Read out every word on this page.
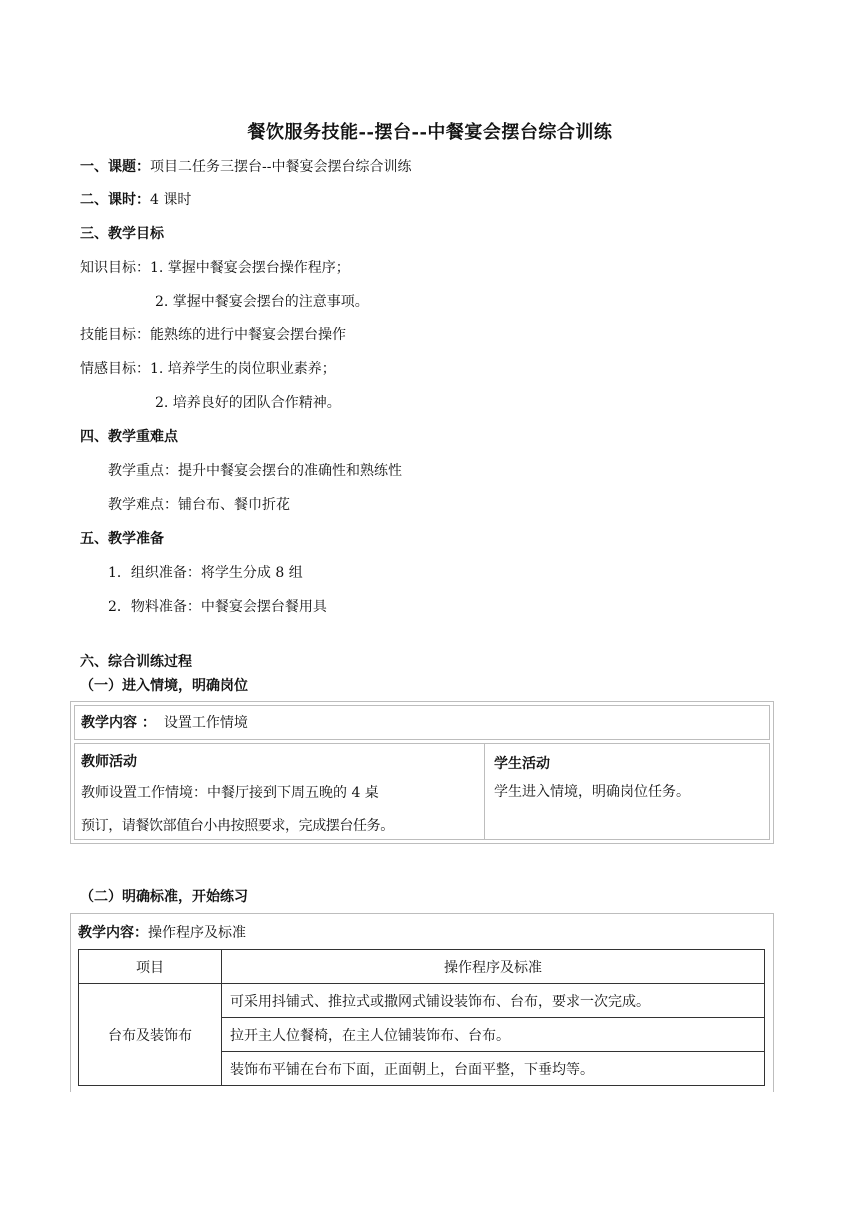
餐饮服务技能--摆台--中餐宴会摆台综合训练
一、课题：项目二任务三摆台--中餐宴会摆台综合训练
二、课时：4 课时
三、教学目标
知识目标：1. 掌握中餐宴会摆台操作程序；
2. 掌握中餐宴会摆台的注意事项。
技能目标：能熟练的进行中餐宴会摆台操作
情感目标：1. 培养学生的岗位职业素养；
2. 培养良好的团队合作精神。
四、教学重难点
教学重点：提升中餐宴会摆台的准确性和熟练性
教学难点：铺台布、餐巾折花
五、教学准备
1．组织准备：将学生分成 8 组
2．物料准备：中餐宴会摆台餐用具
六、综合训练过程
（一）进入情境，明确岗位
教学内容 ： 设置工作情境
教师活动
教师设置工作情境：中餐厅接到下周五晚的 4 桌
预订，请餐饮部值台小冉按照要求，完成摆台任务。
学生活动
学生进入情境，明确岗位任务。
（二）明确标准，开始练习
教学内容：操作程序及标准
项目	操作程序及标准
台布及装饰布	可采用抖铺式、推拉式或撒网式铺设装饰布、台布，要求一次完成。
	拉开主人位餐椅，在主人位铺装饰布、台布。
	装饰布平铺在台布下面，正面朝上，台面平整，下垂均等。
